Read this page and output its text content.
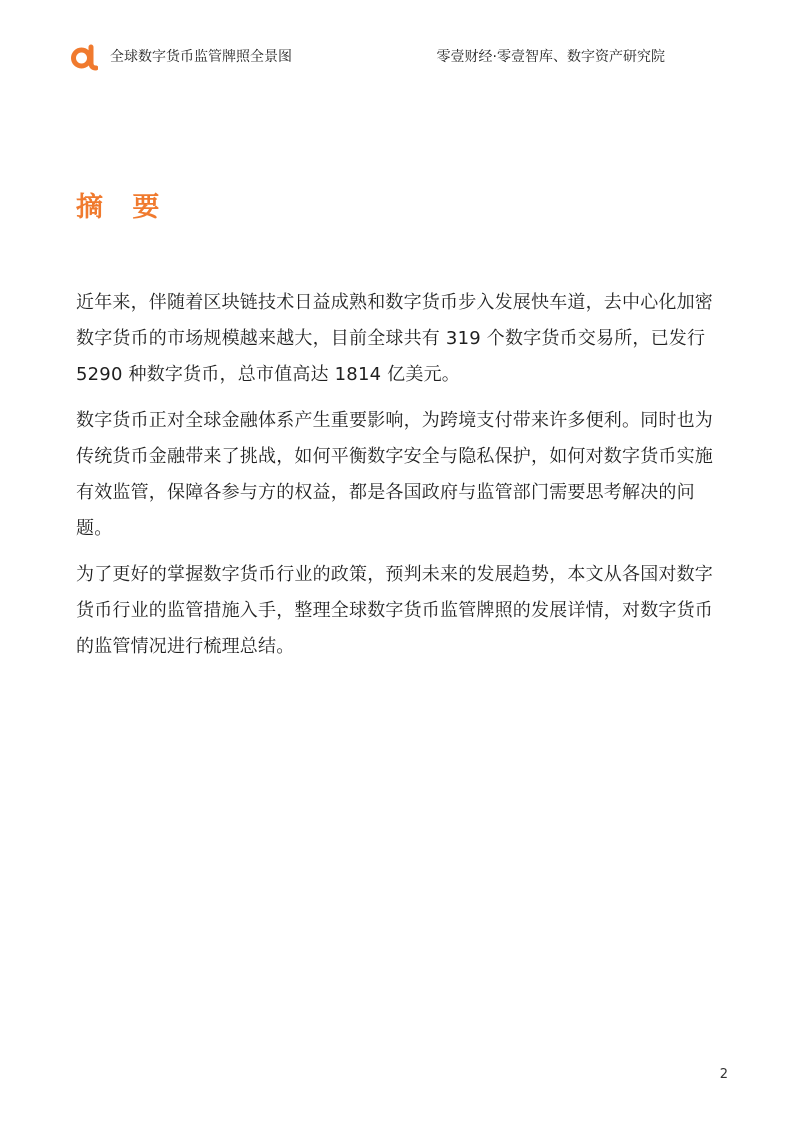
全球数字货币监管牌照全景图	零壹财经·零壹智库、数字资产研究院
摘 要

近年来，伴随着区块链技术日益成熟和数字货币步入发展快车道，去中心化加密数字货币的市场规模越来越大，目前全球共有 319 个数字货币交易所，已发行 5290 种数字货币，总市值高达 1814 亿美元。

数字货币正对全球金融体系产生重要影响，为跨境支付带来许多便利。同时也为传统货币金融带来了挑战，如何平衡数字安全与隐私保护，如何对数字货币实施有效监管，保障各参与方的权益，都是各国政府与监管部门需要思考解决的问题。

为了更好的掌握数字货币行业的政策，预判未来的发展趋势，本文从各国对数字货币行业的监管措施入手，整理全球数字货币监管牌照的发展详情，对数字货币的监管情况进行梳理总结。

2
